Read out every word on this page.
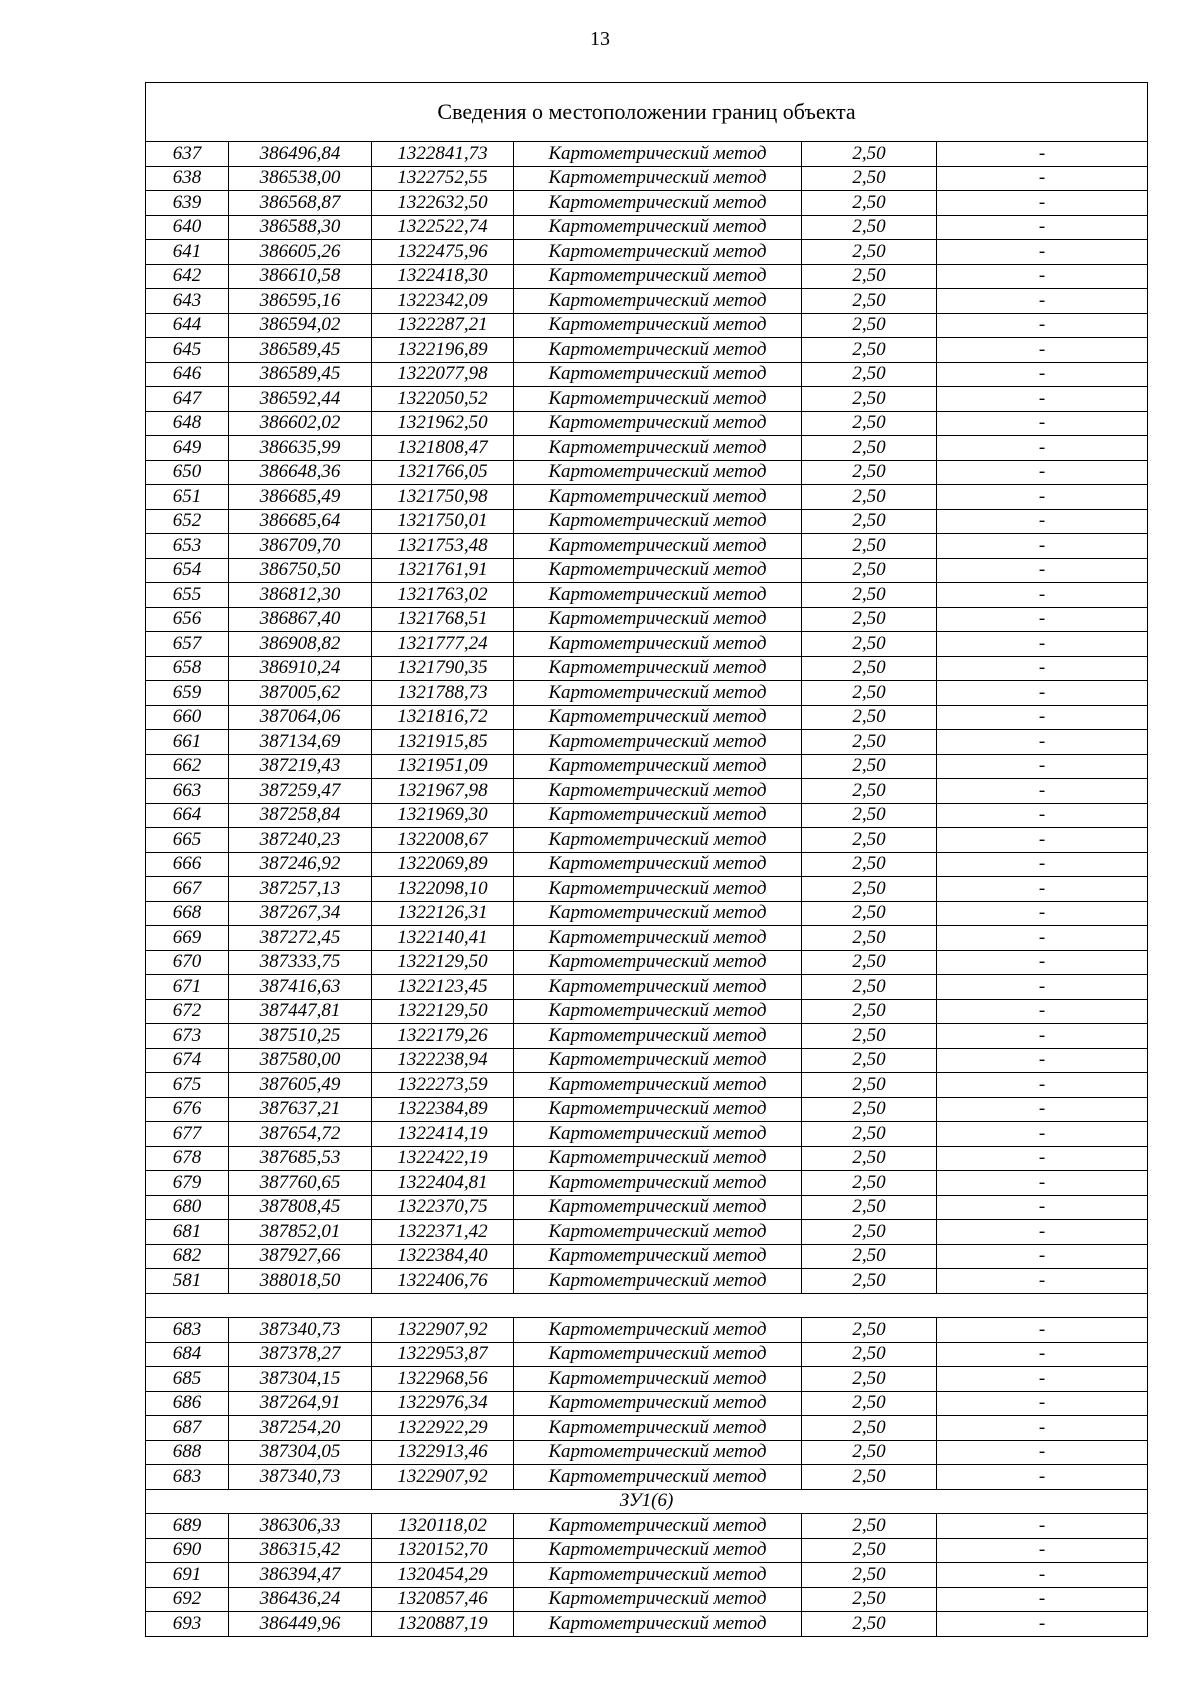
13
Сведения о местоположении границ объекта					
637	386496,84	1322841,73	Картометрический метод	2,50	-
638	386538,00	1322752,55	Картометрический метод	2,50	-
639	386568,87	1322632,50	Картометрический метод	2,50	-
640	386588,30	1322522,74	Картометрический метод	2,50	-
641	386605,26	1322475,96	Картометрический метод	2,50	-
642	386610,58	1322418,30	Картометрический метод	2,50	-
643	386595,16	1322342,09	Картометрический метод	2,50	-
644	386594,02	1322287,21	Картометрический метод	2,50	-
645	386589,45	1322196,89	Картометрический метод	2,50	-
646	386589,45	1322077,98	Картометрический метод	2,50	-
647	386592,44	1322050,52	Картометрический метод	2,50	-
648	386602,02	1321962,50	Картометрический метод	2,50	-
649	386635,99	1321808,47	Картометрический метод	2,50	-
650	386648,36	1321766,05	Картометрический метод	2,50	-
651	386685,49	1321750,98	Картометрический метод	2,50	-
652	386685,64	1321750,01	Картометрический метод	2,50	-
653	386709,70	1321753,48	Картометрический метод	2,50	-
654	386750,50	1321761,91	Картометрический метод	2,50	-
655	386812,30	1321763,02	Картометрический метод	2,50	-
656	386867,40	1321768,51	Картометрический метод	2,50	-
657	386908,82	1321777,24	Картометрический метод	2,50	-
658	386910,24	1321790,35	Картометрический метод	2,50	-
659	387005,62	1321788,73	Картометрический метод	2,50	-
660	387064,06	1321816,72	Картометрический метод	2,50	-
661	387134,69	1321915,85	Картометрический метод	2,50	-
662	387219,43	1321951,09	Картометрический метод	2,50	-
663	387259,47	1321967,98	Картометрический метод	2,50	-
664	387258,84	1321969,30	Картометрический метод	2,50	-
665	387240,23	1322008,67	Картометрический метод	2,50	-
666	387246,92	1322069,89	Картометрический метод	2,50	-
667	387257,13	1322098,10	Картометрический метод	2,50	-
668	387267,34	1322126,31	Картометрический метод	2,50	-
669	387272,45	1322140,41	Картометрический метод	2,50	-
670	387333,75	1322129,50	Картометрический метод	2,50	-
671	387416,63	1322123,45	Картометрический метод	2,50	-
672	387447,81	1322129,50	Картометрический метод	2,50	-
673	387510,25	1322179,26	Картометрический метод	2,50	-
674	387580,00	1322238,94	Картометрический метод	2,50	-
675	387605,49	1322273,59	Картометрический метод	2,50	-
676	387637,21	1322384,89	Картометрический метод	2,50	-
677	387654,72	1322414,19	Картометрический метод	2,50	-
678	387685,53	1322422,19	Картометрический метод	2,50	-
679	387760,65	1322404,81	Картометрический метод	2,50	-
680	387808,45	1322370,75	Картометрический метод	2,50	-
681	387852,01	1322371,42	Картометрический метод	2,50	-
682	387927,66	1322384,40	Картометрический метод	2,50	-
581	388018,50	1322406,76	Картометрический метод	2,50	-

683	387340,73	1322907,92	Картометрический метод	2,50	-
684	387378,27	1322953,87	Картометрический метод	2,50	-
685	387304,15	1322968,56	Картометрический метод	2,50	-
686	387264,91	1322976,34	Картометрический метод	2,50	-
687	387254,20	1322922,29	Картометрический метод	2,50	-
688	387304,05	1322913,46	Картометрический метод	2,50	-
683	387340,73	1322907,92	Картометрический метод	2,50	-
ЗУ1(6)					
689	386306,33	1320118,02	Картометрический метод	2,50	-
690	386315,42	1320152,70	Картометрический метод	2,50	-
691	386394,47	1320454,29	Картометрический метод	2,50	-
692	386436,24	1320857,46	Картометрический метод	2,50	-
693	386449,96	1320887,19	Картометрический метод	2,50	-
